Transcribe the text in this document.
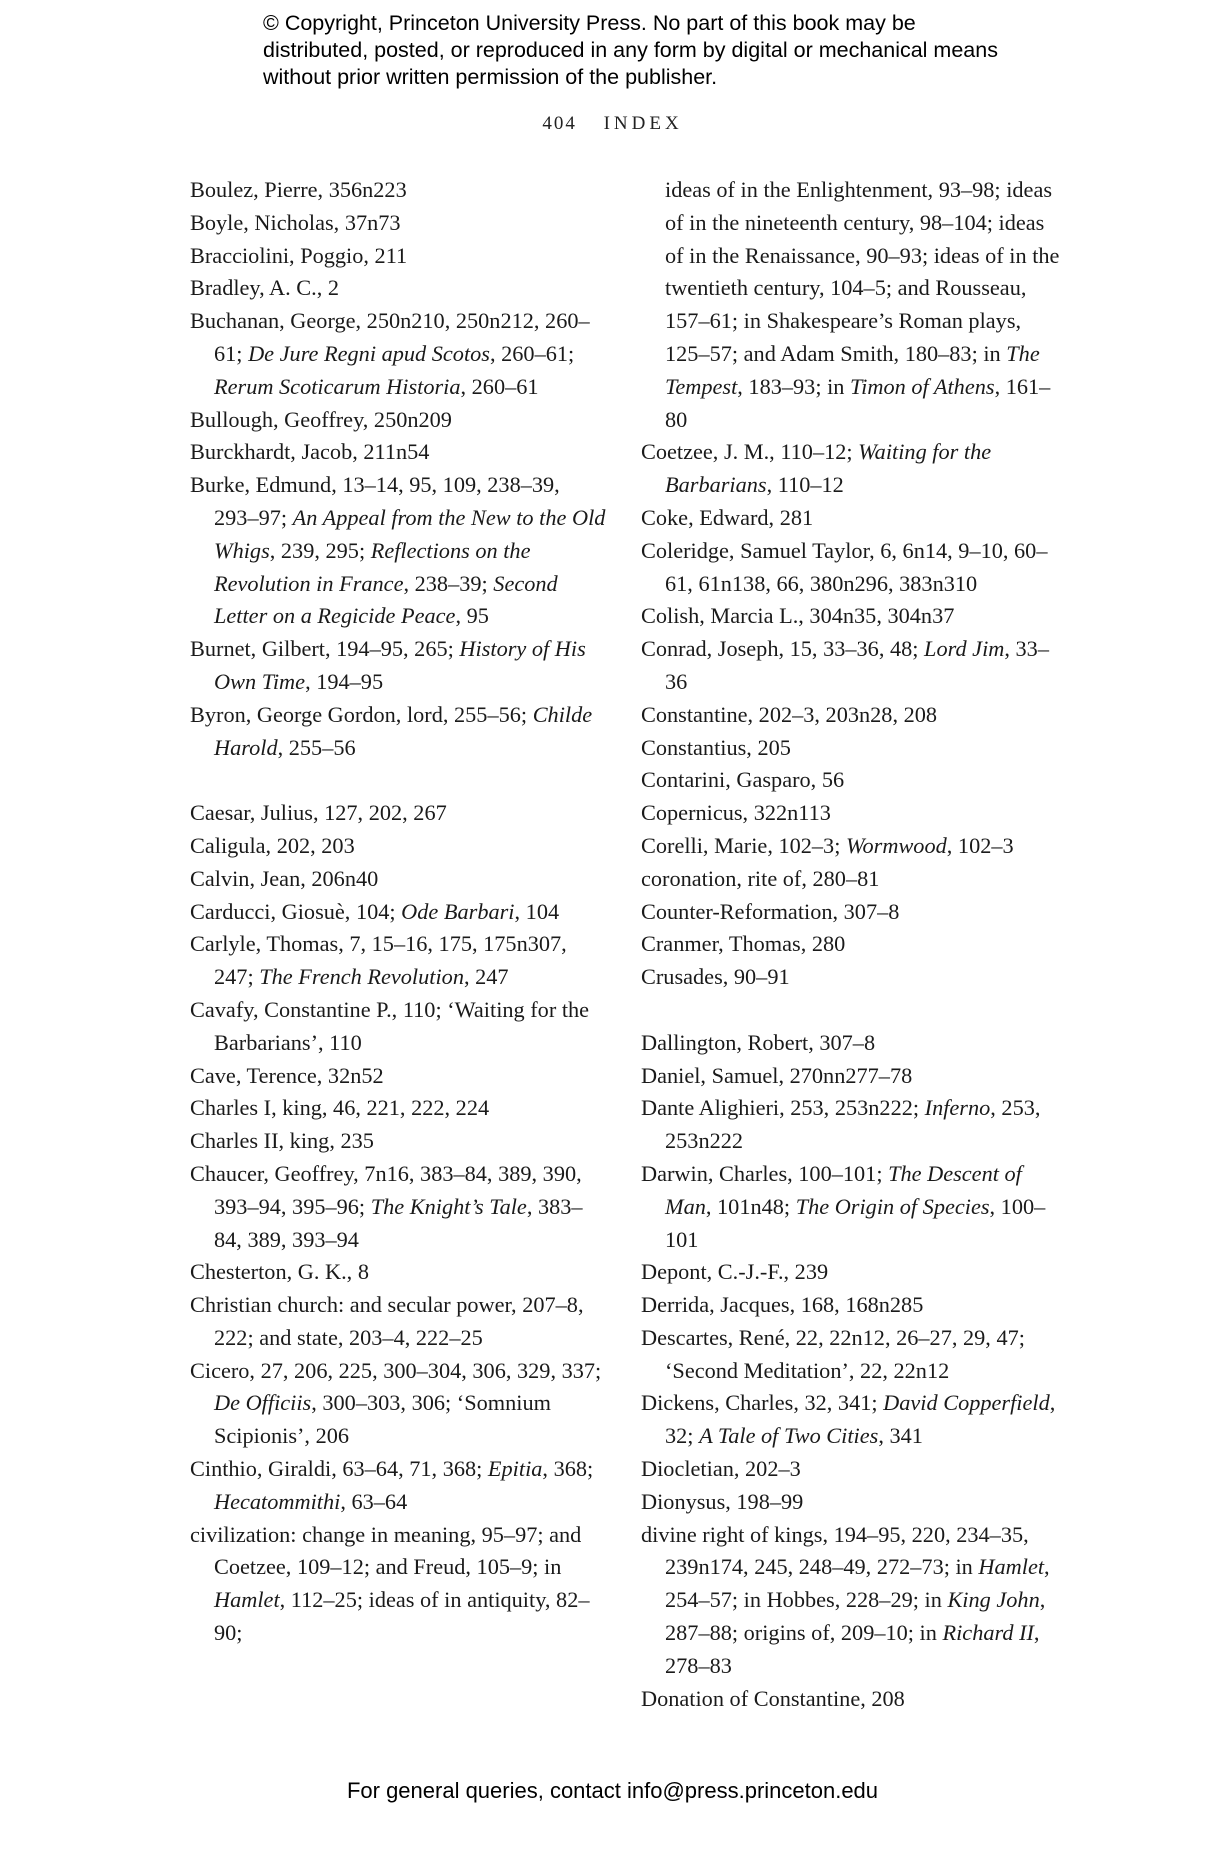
© Copyright, Princeton University Press. No part of this book may be distributed, posted, or reproduced in any form by digital or mechanical means without prior written permission of the publisher.
404 INDEX
Boulez, Pierre, 356n223
Boyle, Nicholas, 37n73
Bracciolini, Poggio, 211
Bradley, A. C., 2
Buchanan, George, 250n210, 250n212, 260–61; De Jure Regni apud Scotos, 260–61; Rerum Scoticarum Historia, 260–61
Bullough, Geoffrey, 250n209
Burckhardt, Jacob, 211n54
Burke, Edmund, 13–14, 95, 109, 238–39, 293–97; An Appeal from the New to the Old Whigs, 239, 295; Reflections on the Revolution in France, 238–39; Second Letter on a Regicide Peace, 95
Burnet, Gilbert, 194–95, 265; History of His Own Time, 194–95
Byron, George Gordon, lord, 255–56; Childe Harold, 255–56
Caesar, Julius, 127, 202, 267
Caligula, 202, 203
Calvin, Jean, 206n40
Carducci, Giosuè, 104; Ode Barbari, 104
Carlyle, Thomas, 7, 15–16, 175, 175n307, 247; The French Revolution, 247
Cavafy, Constantine P., 110; ‘Waiting for the Barbarians’, 110
Cave, Terence, 32n52
Charles I, king, 46, 221, 222, 224
Charles II, king, 235
Chaucer, Geoffrey, 7n16, 383–84, 389, 390, 393–94, 395–96; The Knight’s Tale, 383–84, 389, 393–94
Chesterton, G. K., 8
Christian church: and secular power, 207–8, 222; and state, 203–4, 222–25
Cicero, 27, 206, 225, 300–304, 306, 329, 337; De Officiis, 300–303, 306; ‘Somnium Scipionis’, 206
Cinthio, Giraldi, 63–64, 71, 368; Epitia, 368; Hecatommithi, 63–64
civilization: change in meaning, 95–97; and Coetzee, 109–12; and Freud, 105–9; in Hamlet, 112–25; ideas of in antiquity, 82–90;
ideas of in the Enlightenment, 93–98; ideas of in the nineteenth century, 98–104; ideas of in the Renaissance, 90–93; ideas of in the twentieth century, 104–5; and Rousseau, 157–61; in Shakespeare’s Roman plays, 125–57; and Adam Smith, 180–83; in The Tempest, 183–93; in Timon of Athens, 161–80
Coetzee, J. M., 110–12; Waiting for the Barbarians, 110–12
Coke, Edward, 281
Coleridge, Samuel Taylor, 6, 6n14, 9–10, 60–61, 61n138, 66, 380n296, 383n310
Colish, Marcia L., 304n35, 304n37
Conrad, Joseph, 15, 33–36, 48; Lord Jim, 33–36
Constantine, 202–3, 203n28, 208
Constantius, 205
Contarini, Gasparo, 56
Copernicus, 322n113
Corelli, Marie, 102–3; Wormwood, 102–3
coronation, rite of, 280–81
Counter-Reformation, 307–8
Cranmer, Thomas, 280
Crusades, 90–91
Dallington, Robert, 307–8
Daniel, Samuel, 270nn277–78
Dante Alighieri, 253, 253n222; Inferno, 253, 253n222
Darwin, Charles, 100–101; The Descent of Man, 101n48; The Origin of Species, 100–101
Depont, C.-J.-F., 239
Derrida, Jacques, 168, 168n285
Descartes, René, 22, 22n12, 26–27, 29, 47; ‘Second Meditation’, 22, 22n12
Dickens, Charles, 32, 341; David Copperfield, 32; A Tale of Two Cities, 341
Diocletian, 202–3
Dionysus, 198–99
divine right of kings, 194–95, 220, 234–35, 239n174, 245, 248–49, 272–73; in Hamlet, 254–57; in Hobbes, 228–29; in King John, 287–88; origins of, 209–10; in Richard II, 278–83
Donation of Constantine, 208
For general queries, contact info@press.princeton.edu
